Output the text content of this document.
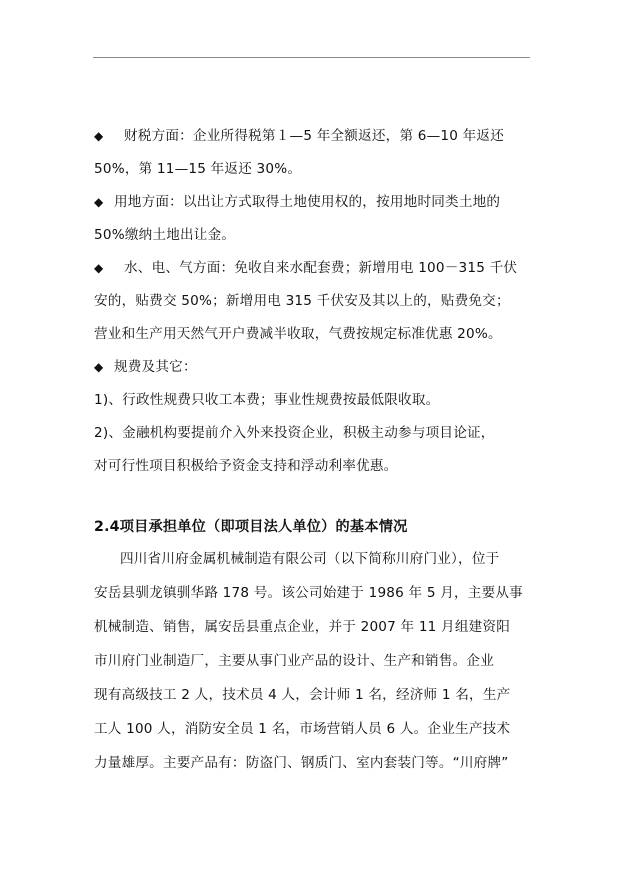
◆ 财税方面：企业所得税第１—5 年全额返还，第 6—10 年返还
50%，第 11—15 年返还 30%。
◆ 用地方面：以出让方式取得土地使用权的，按用地时同类土地的
50%缴纳土地出让金。
◆ 水、电、气方面：免收自来水配套费；新增用电 100－315 千伏
安的，贴费交 50%；新增用电 315 千伏安及其以上的，贴费免交；
营业和生产用天然气开户费减半收取，气费按规定标准优惠 20%。
◆ 规费及其它：
1)、行政性规费只收工本费；事业性规费按最低限收取。
2)、金融机构要提前介入外来投资企业，积极主动参与项目论证，
对可行性项目积极给予资金支持和浮动利率优惠。
2.4项目承担单位（即项目法人单位）的基本情况
四川省川府金属机械制造有限公司（以下简称川府门业），位于
安岳县驯龙镇驯华路 178 号。该公司始建于 1986 年 5 月，主要从事
机械制造、销售，属安岳县重点企业，并于 2007 年 11 月组建资阳
市川府门业制造厂，主要从事门业产品的设计、生产和销售。企业
现有高级技工 2 人，技术员 4 人，会计师 1 名，经济师 1 名，生产
工人 100 人，消防安全员 1 名，市场营销人员 6 人。企业生产技术
力量雄厚。主要产品有：防盗门、钢质门、室内套装门等。“川府牌”
